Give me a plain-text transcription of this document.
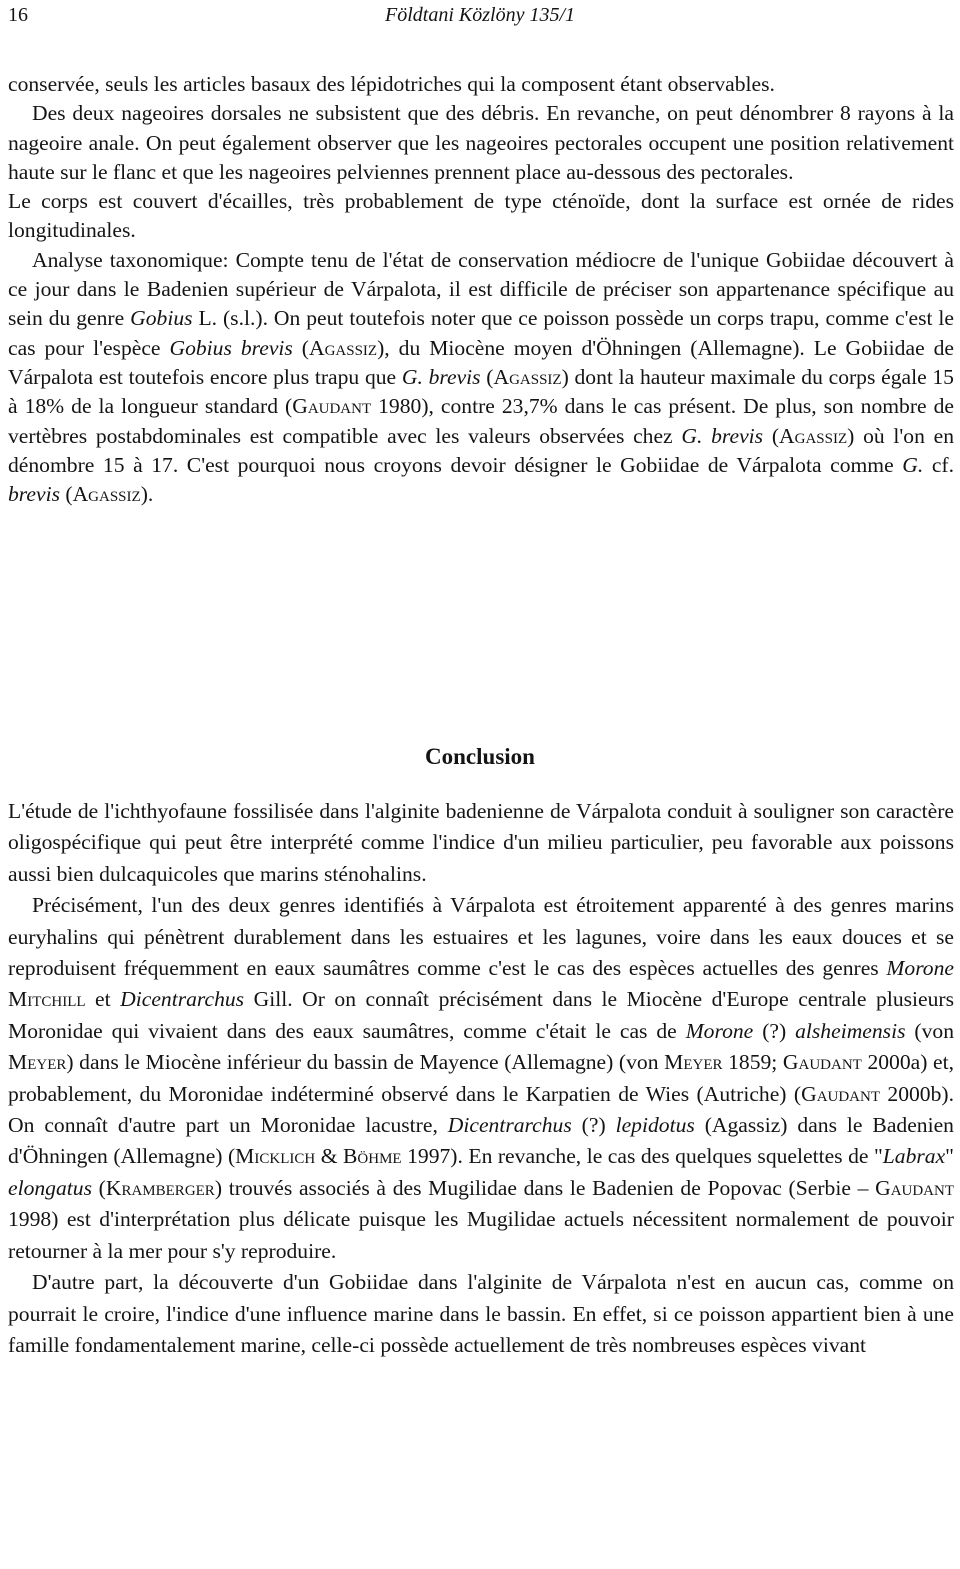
16	Földtani Közlöny 135/1

conservée, seuls les articles basaux des lépidotriches qui la composent étant observables.

Des deux nageoires dorsales ne subsistent que des débris. En revanche, on peut dénombrer 8 rayons à la nageoire anale. On peut également observer que les nageoires pectorales occupent une position relativement haute sur le flanc et que les nageoires pelviennes prennent place au-dessous des pectorales.

Le corps est couvert d'écailles, très probablement de type cténoïde, dont la surface est ornée de rides longitudinales.

Analyse taxonomique: Compte tenu de l'état de conservation médiocre de l'unique Gobiidae découvert à ce jour dans le Badenien supérieur de Várpalota, il est difficile de préciser son appartenance spécifique au sein du genre Gobius L. (s.l.). On peut toutefois noter que ce poisson possède un corps trapu, comme c'est le cas pour l'espèce Gobius brevis (Agassiz), du Miocène moyen d'Öhningen (Allemagne). Le Gobiidae de Várpalota est toutefois encore plus trapu que G. brevis (Agassiz) dont la hauteur maximale du corps égale 15 à 18% de la longueur standard (Gaudant 1980), contre 23,7% dans le cas présent. De plus, son nombre de vertèbres postabdominales est compatible avec les valeurs observées chez G. brevis (Agassiz) où l'on en dénombre 15 à 17. C'est pourquoi nous croyons devoir désigner le Gobiidae de Várpalota comme G. cf. brevis (Agassiz).

Conclusion

L'étude de l'ichthyofaune fossilisée dans l'alginite badenienne de Várpalota conduit à souligner son caractère oligospécifique qui peut être interprété comme l'indice d'un milieu particulier, peu favorable aux poissons aussi bien dulcaquicoles que marins sténohalins.

Précisément, l'un des deux genres identifiés à Várpalota est étroitement apparenté à des genres marins euryhalins qui pénètrent durablement dans les estuaires et les lagunes, voire dans les eaux douces et se reproduisent fréquemment en eaux saumâtres comme c'est le cas des espèces actuelles des genres Morone Mitchill et Dicentrarchus Gill. Or on connaît précisément dans le Miocène d'Europe centrale plusieurs Moronidae qui vivaient dans des eaux saumâtres, comme c'était le cas de Morone (?) alsheimensis (von Meyer) dans le Miocène inférieur du bassin de Mayence (Allemagne) (von Meyer 1859; Gaudant 2000a) et, probablement, du Moronidae indéterminé observé dans le Karpatien de Wies (Autriche) (Gaudant 2000b). On connaît d'autre part un Moronidae lacustre, Dicentrarchus (?) lepidotus (Agassiz) dans le Badenien d'Öhningen (Allemagne) (Micklich & Böhme 1997). En revanche, le cas des quelques squelettes de "Labrax" elongatus (Kramberger) trouvés associés à des Mugilidae dans le Badenien de Popovac (Serbie – Gaudant 1998) est d'interprétation plus délicate puisque les Mugilidae actuels nécessitent normalement de pouvoir retourner à la mer pour s'y reproduire.

D'autre part, la découverte d'un Gobiidae dans l'alginite de Várpalota n'est en aucun cas, comme on pourrait le croire, l'indice d'une influence marine dans le bassin. En effet, si ce poisson appartient bien à une famille fondamentalement marine, celle-ci possède actuellement de très nombreuses espèces vivant
